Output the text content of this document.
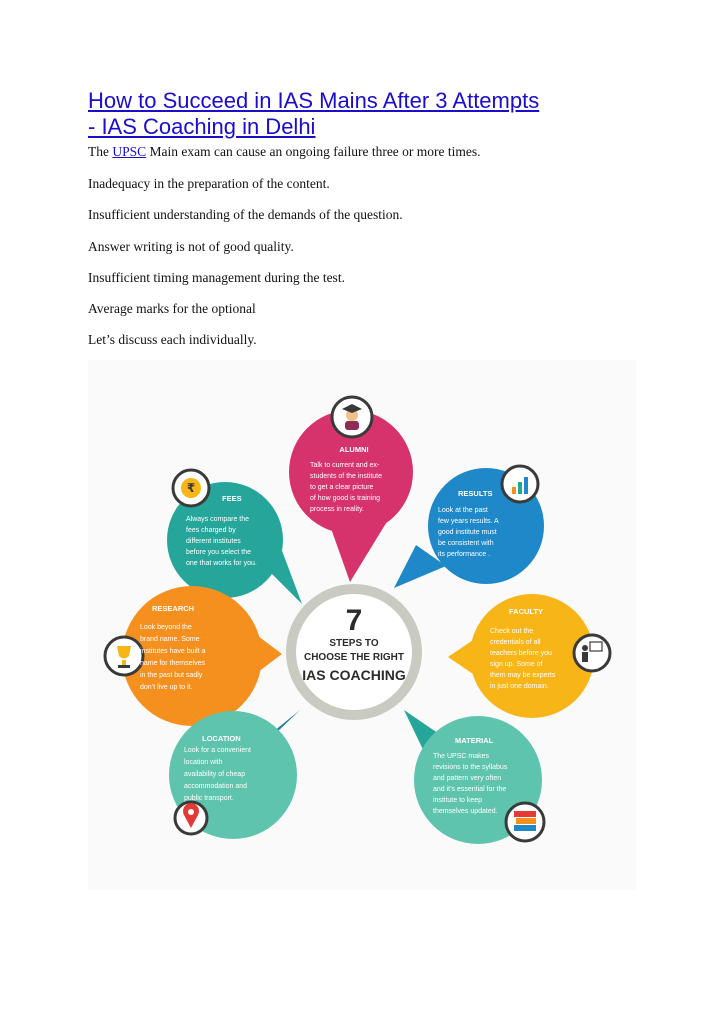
How to Succeed in IAS Mains After 3 Attempts
- IAS Coaching in Delhi

The UPSC Main exam can cause an ongoing failure three or more times.

Inadequacy in the preparation of the content.

Insufficient understanding of the demands of the question.

Answer writing is not of good quality.

Insufficient timing management during the test.

Average marks for the optional

Let’s discuss each individually.

ALUMNI
Talk to current and ex-
students of the institute
to get a clear picture
of how good is training
process in reality.
RESULTS
Look at the past
few years results. A
good institute must
be consistent with
its performance .
₹
FEES
Always compare the
fees charged by
different institutes
before you select the
one that works for you.
RESEARCH
Look beyond the
brand name. Some
institutes have built a
name for themselves
in the past but sadly
don’t live up to it.
FACULTY
Check out the
credentials of all
teachers before you
sign up. Some of
them may be experts
in just one domain.
LOCATION
Look for a convenient
location with
availability of cheap
accommodation and
public transport.
MATERIAL
The UPSC makes
revisions to the syllabus
and pattern very often
and it’s essential for the
institute to keep
themselves updated.
7
STEPS TO
CHOOSE THE RIGHT
IAS COACHING
